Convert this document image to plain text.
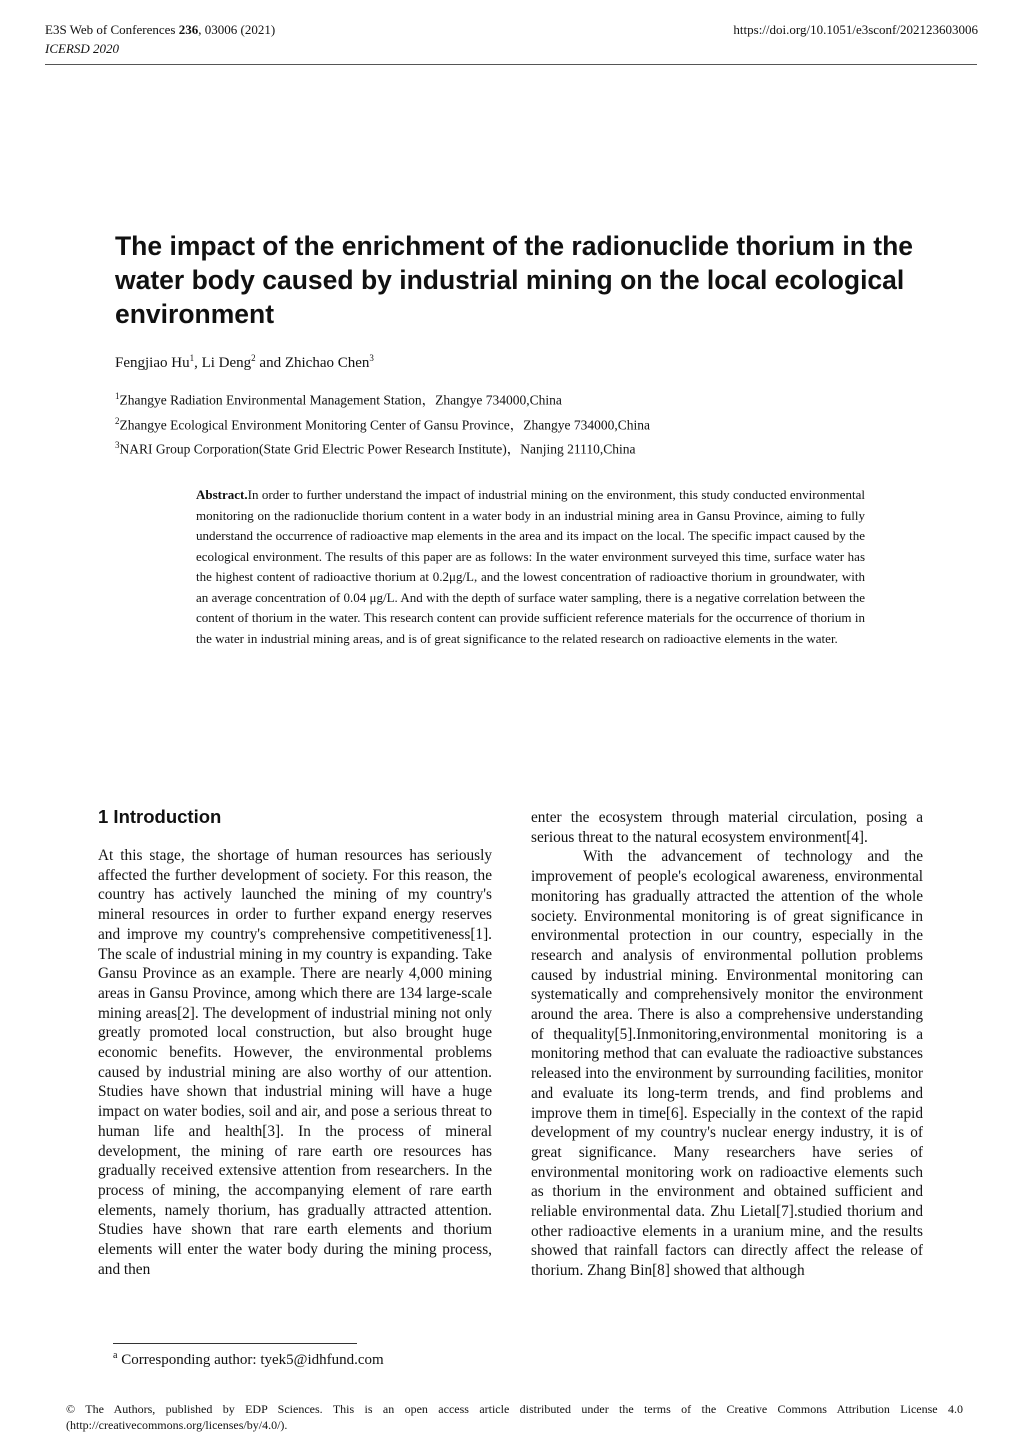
E3S Web of Conferences 236, 03006 (2021)
ICERSD 2020
https://doi.org/10.1051/e3sconf/202123603006
The impact of the enrichment of the radionuclide thorium in the water body caused by industrial mining on the local ecological environment
Fengjiao Hu$^1$, Li Deng$^2$ and Zhichao Chen$^3$
$^1$Zhangye Radiation Environmental Management Station，Zhangye 734000,China
$^2$Zhangye Ecological Environment Monitoring Center of Gansu Province，Zhangye 734000,China
$^3$NARI Group Corporation(State Grid Electric Power Research Institute)，Nanjing 21110,China

Abstract.In order to further understand the impact of industrial mining on the environment, this study conducted environmental monitoring on the radionuclide thorium content in a water body in an industrial mining area in Gansu Province, aiming to fully understand the occurrence of radioactive map elements in the area and its impact on the local. The specific impact caused by the ecological environment. The results of this paper are as follows: In the water environment surveyed this time, surface water has the highest content of radioactive thorium at 0.2μg/L, and the lowest concentration of radioactive thorium in groundwater, with an average concentration of 0.04 μg/L. And with the depth of surface water sampling, there is a negative correlation between the content of thorium in the water. This research content can provide sufficient reference materials for the occurrence of thorium in the water in industrial mining areas, and is of great significance to the related research on radioactive elements in the water.

1 Introduction

At this stage, the shortage of human resources has seriously affected the further development of society. For this reason, the country has actively launched the mining of my country's mineral resources in order to further expand energy reserves and improve my country's comprehensive competitiveness[1]. The scale of industrial mining in my country is expanding. Take Gansu Province as an example. There are nearly 4,000 mining areas in Gansu Province, among which there are 134 large-scale mining areas[2]. The development of industrial mining not only greatly promoted local construction, but also brought huge economic benefits. However, the environmental problems caused by industrial mining are also worthy of our attention. Studies have shown that industrial mining will have a huge impact on water bodies, soil and air, and pose a serious threat to human life and health[3]. In the process of mineral development, the mining of rare earth ore resources has gradually received extensive attention from researchers. In the process of mining, the accompanying element of rare earth elements, namely thorium, has gradually attracted attention. Studies have shown that rare earth elements and thorium elements will enter the water body during the mining process, and then

enter the ecosystem through material circulation, posing a serious threat to the natural ecosystem environment[4].

With the advancement of technology and the improvement of people's ecological awareness, environmental monitoring has gradually attracted the attention of the whole society. Environmental monitoring is of great significance in environmental protection in our country, especially in the research and analysis of environmental pollution problems caused by industrial mining. Environmental monitoring can systematically and comprehensively monitor the environment around the area. There is also a comprehensive understanding of thequality[5].Inmonitoring,environmental monitoring is a monitoring method that can evaluate the radioactive substances released into the environment by surrounding facilities, monitor and evaluate its long-term trends, and find problems and improve them in time[6]. Especially in the context of the rapid development of my country's nuclear energy industry, it is of great significance. Many researchers have series of environmental monitoring work on radioactive elements such as thorium in the environment and obtained sufficient and reliable environmental data. Zhu Lietal[7].studied thorium and other radioactive elements in a uranium mine, and the results showed that rainfall factors can directly affect the release of thorium. Zhang Bin[8] showed that although

$^a$ Corresponding author: tyek5@idhfund.com

© The Authors, published by EDP Sciences. This is an open access article distributed under the terms of the Creative Commons Attribution License 4.0 (http://creativecommons.org/licenses/by/4.0/).
